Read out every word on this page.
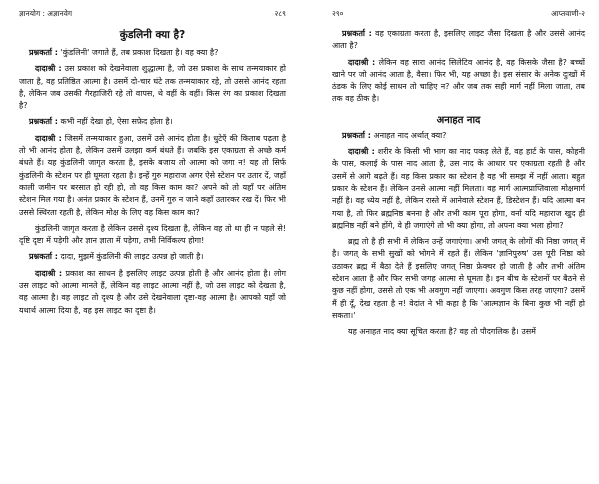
ज्ञानयोग : अज्ञानवेग	२८९
कुंडलिनी क्या है?

प्रश्नकर्ता : 'कुंडलिनी' जगाते हैं, तब प्रकाश दिखता है। वह क्या है?

दादाश्री : उस प्रकाश को देखनेवाला शुद्धात्मा है, जो उस प्रकाश के साथ तन्मयाकार हो जाता है, वह प्रतिष्ठित आत्मा है। उसमें दो-चार घंटे तक तन्मयाकार रहे, तो उससे आनंद रहता है, लेकिन जब उसकी गैरहाजिरी रहे तो वापस, थे वहीं के वहीं। किस रंग का प्रकाश दिखता है?

प्रश्नकर्ता : कभी नहीं देखा हो, ऐसा सफ़ेद होता है।

दादाश्री : जिसमें तन्मयाकार हुआ, उसमें उसे आनंद होता है। धुटेएँ की किताब पढ़ता है तो भी आनंद होता है, लेकिन उसमें उलझा कर्म बंधते हैं। जबकि इस एकाग्रता से अच्छे कर्म बंधते हैं। यह कुंडलिनी जागृत करता है, इसके बजाय तो आत्मा को जगा न! यह तो सिर्फ कुंडलिनी के स्टेशन पर ही घूमता रहता है। इन्हें गुरु महाराज अगर ऐसे स्टेशन पर उतार दें, जहाँ काली जमीन पर बरसात हो रही हो, तो वह किस काम का? अपने को तो यहाँ पर अंतिम स्टेशन मिल गया है। अनंत प्रकार के स्टेशन हैं, उनमें गुरु न जाने कहाँ उतारकर रख दें। फिर भी उससे स्थिरता रहती है, लेकिन मोक्ष के लिए वह किस काम का?

कुंडलिनी जागृत करता है लेकिन उससे दृश्य दिखता है, लेकिन वह तो था ही न पहले से! दृष्टि दृष्टा में पड़ेगी और ज्ञान ज्ञाता में पड़ेगा, तभी निर्विकल्प होगा!

प्रश्नकर्ता : दादा, मुझमें कुंडलिनी की लाइट उत्पन्न हो जाती है।

दादाश्री : प्रकाश का साधन है इसलिए लाइट उत्पन्न होती है और आनंद होता है। लोग उस लाइट को आत्मा मानते हैं, लेकिन वह लाइट आत्मा नहीं है, जो उस लाइट को देखता है, वह आत्मा है। वह लाइट तो दृश्य है और उसे देखनेवाला दृष्टा-वह आत्मा है। आपको यहाँ जो यथार्थ आत्मा दिया है, वह इस लाइट का दृष्टा है।

२९०	आप्तवाणी-२

प्रश्नकर्ता : वह एकाग्रता करता है, इसलिए लाइट जैसा दिखता है और उससे आनंद आता है?

दादाश्री : लेकिन वह सारा आनंद सिलेटिव आनंद है, वह किसके जैसा है? बच्चों खाने पर जो आनंद आता है, वैसा। फिर भी, यह अच्छा है। इस संसार के अनेक दुःखों में ठंडक के लिए कोई साधन तो चाहिए न? और जब तक सही मार्ग नहीं मिला जाता, तब तक वह ठीक है।

अनाहत नाद

प्रश्नकर्ता : अनाहत नाद अर्थात् क्या?

दादाश्री : शरीर के किसी भी भाग का नाद पकड़ लेते हैं, वह हार्ट के पास, कोहनी के पास, कलाई के पास नाद आता है, उस नाद के आधार पर एकाग्रता रहती है और उसमें से आगे बढ़ते हैं। वह किस प्रकार का स्टेशन है वह भी समझ में नहीं आता। बहुत प्रकार के स्टेशन हैं। लेकिन उनसे आत्मा नहीं मिलता। वह मार्ग आत्मप्राप्तिवाला मोक्षमार्ग नहीं है। वह ध्येय नहीं है, लेकिन रास्ते में आनेवाले स्टेशन हैं, डिस्टेशन हैं। यदि आत्मा बन गया है, तो फिर ब्रह्मनिष्ठ बनना है और तभी काम पूरा होगा, वर्ना यदि महाराज खुद ही ब्रह्मनिष्ठ नहीं बने होंगे, वे ही जगाएंगे तो भी क्या होगा, तो अपना क्या भला होगा?

ब्रह्म तो है ही सभी में लेकिन उन्हें जगाएंगा। अभी जगत् के लोगों की निष्ठा जगत् में है। जगत् के सभी सुखों को भोगने में रहते हैं। लेकिन 'ज्ञानिपुरुष' उस पूरी निष्ठा को उठाकर ब्रह्म में बैठा देते हैं इसलिए जगत् निष्ठा फ्रेक्चर हो जाती है और तभी अंतिम स्टेशन आता है और फिर सभी जगह आत्मा से घूमता है। इन बीच के स्टेशनों पर बैठने से कुछ नहीं होगा, उससे तो एक भी अवगुण नहीं जाएगा। अवगुण किस तरह जाएगा? उसमें मैं ही दूँ, देख रहता है न! वेदांत ने भी कहा है कि 'आत्मज्ञान के बिना कुछ भी नहीं हो सकता।'

यह अनाहत नाद क्या सूचित करता है? वह तो पौदगलिक है। उसमें
